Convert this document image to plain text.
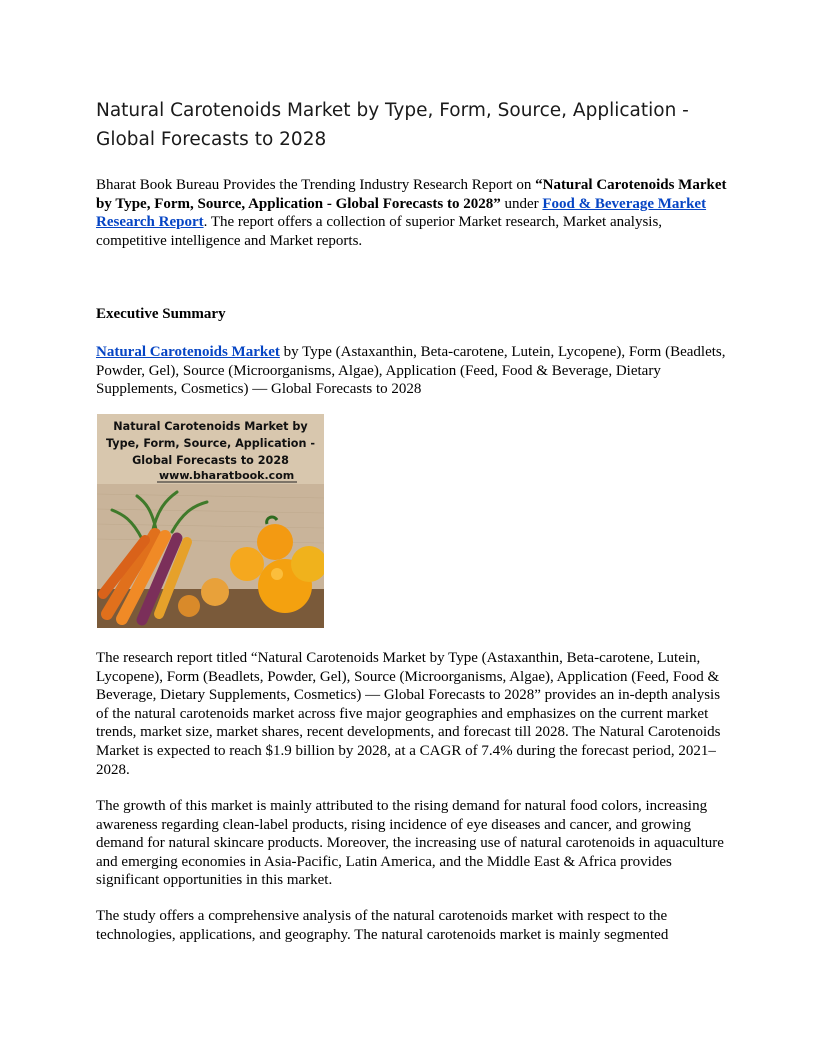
Natural Carotenoids Market by Type, Form, Source, Application -
Global Forecasts to 2028

Bharat Book Bureau Provides the Trending Industry Research Report on “Natural Carotenoids Market by Type, Form, Source, Application - Global Forecasts to 2028” under Food & Beverage Market Research Report. The report offers a collection of superior Market research, Market analysis, competitive intelligence and Market reports.

Executive Summary

Natural Carotenoids Market by Type (Astaxanthin, Beta-carotene, Lutein, Lycopene), Form (Beadlets, Powder, Gel), Source (Microorganisms, Algae), Application (Feed, Food & Beverage, Dietary Supplements, Cosmetics) — Global Forecasts to 2028

Natural Carotenoids Market by
Type, Form, Source, Application -
Global Forecasts to 2028
www.bharatbook.com

The research report titled “Natural Carotenoids Market by Type (Astaxanthin, Beta-carotene, Lutein, Lycopene), Form (Beadlets, Powder, Gel), Source (Microorganisms, Algae), Application (Feed, Food & Beverage, Dietary Supplements, Cosmetics) — Global Forecasts to 2028” provides an in-depth analysis of the natural carotenoids market across five major geographies and emphasizes on the current market trends, market size, market shares, recent developments, and forecast till 2028. The Natural Carotenoids Market is expected to reach $1.9 billion by 2028, at a CAGR of 7.4% during the forecast period, 2021–2028.

The growth of this market is mainly attributed to the rising demand for natural food colors, increasing awareness regarding clean-label products, rising incidence of eye diseases and cancer, and growing demand for natural skincare products. Moreover, the increasing use of natural carotenoids in aquaculture and emerging economies in Asia-Pacific, Latin America, and the Middle East & Africa provides significant opportunities in this market.

The study offers a comprehensive analysis of the natural carotenoids market with respect to the technologies, applications, and geography. The natural carotenoids market is mainly segmented
